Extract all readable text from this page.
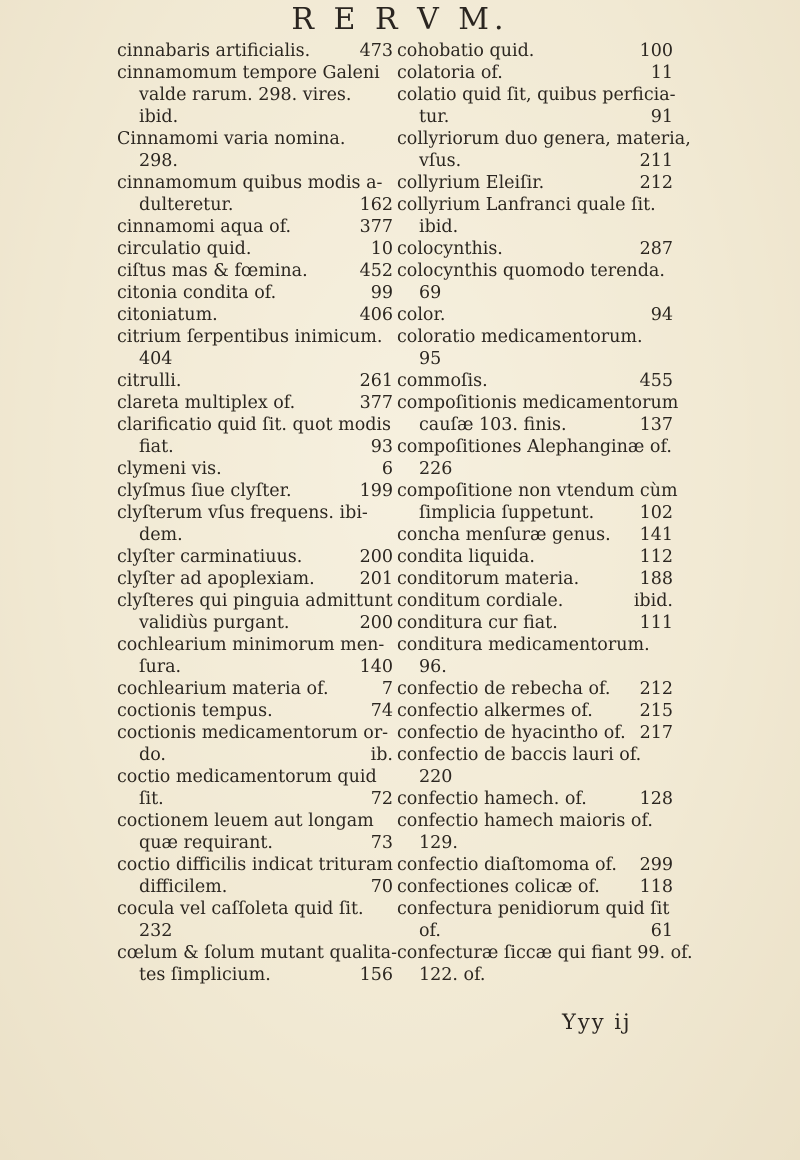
R E R V M.
cinnabaris artificialis.	473
cinnamomum tempore Galeni
valde rarum. 298. vires.
ibid.
Cinnamomi varia nomina.
298.
cinnamomum quibus modis a-
dulteretur.	162
cinnamomi aqua of.	377
circulatio quid.	10
ciſtus mas & fœmina.	452
citonia condita of.	99
citoniatum.	406
citrium ſerpentibus inimicum.
404
citrulli.	261
clareta multiplex of.	377
clarificatio quid ſit. quot modis
fiat.	93
clymeni vis.	6
clyſmus ſiue clyſter.	199
clyſterum vſus frequens. ibi-
dem.
clyſter carminatiuus.	200
clyſter ad apoplexiam.	201
clyſteres qui pinguia admittunt
validiùs purgant.	200
cochlearium minimorum men-
ſura.	140
cochlearium materia of.	7
coctionis tempus.	74
coctionis medicamentorum or-
do.	ib.
coctio medicamentorum quid
ſit.	72
coctionem leuem aut longam
quæ requirant.	73
coctio difficilis indicat trituram
difficilem.	70
cocula vel caſſoleta quid ſit.
232
cœlum & ſolum mutant qualita-
tes ſimplicium.	156
cohobatio quid.	100
colatoria of.	11
colatio quid ſit, quibus perficia-
tur.	91
collyriorum duo genera, materia,
vſus.	211
collyrium Eleiſir.	212
collyrium Lanfranci quale ſit.
ibid.
colocynthis.	287
colocynthis quomodo terenda.
69
color.	94
coloratio medicamentorum.
95
commoſis.	455
compoſitionis medicamentorum
cauſæ 103. finis.	137
compoſitiones Alephanginæ of.
226
compoſitione non vtendum cùm
ſimplicia ſuppetunt.	102
concha menſuræ genus. 141
condita liquida.	112
conditorum materia.	188
conditum cordiale.	ibid.
conditura cur fiat.	111
conditura medicamentorum.
96.
confectio de rebecha of. 212
confectio alkermes of.	215
confectio de hyacintho of. 217
confectio de baccis lauri of.
220
confectio hamech. of.	128
confectio hamech maioris of.
129.
confectio diaſtomoma of. 299
confectiones colicæ of. 118
confectura penidiorum quid ſit
of.	61
confecturæ ſiccæ qui fiant 99. of.
122. of.
Yyy ij
